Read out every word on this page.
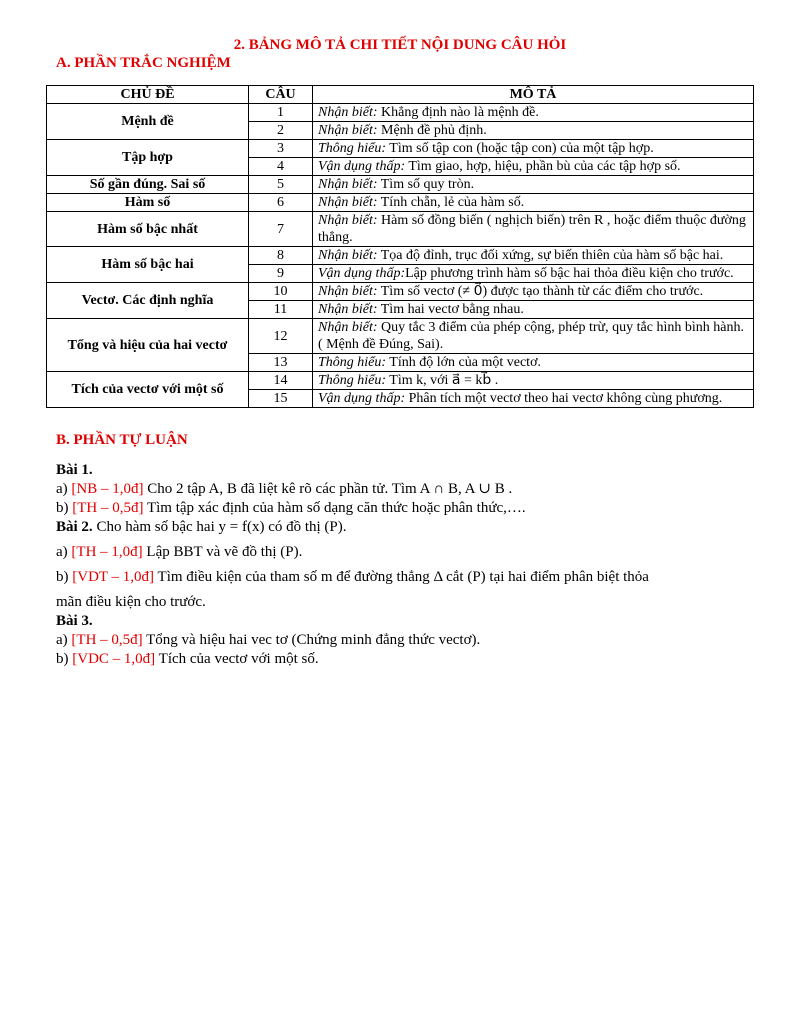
2. BẢNG MÔ TẢ CHI TIẾT NỘI DUNG CÂU HỎI
A. PHẦN TRẮC NGHIỆM
CHỦ ĐỀ	CÂU	MÔ TẢ
Mệnh đề	1	Nhận biết: Khẳng định nào là mệnh đề.
	2	Nhận biết: Mệnh đề phủ định.
Tập hợp	3	Thông hiểu: Tìm số tập con (hoặc tập con) của một tập hợp.
	4	Vận dụng thấp: Tìm giao, hợp, hiệu, phần bù của các tập hợp số.
Số gần đúng. Sai số	5	Nhận biết: Tìm số quy tròn.
Hàm số	6	Nhận biết: Tính chẵn, lẻ của hàm số.
Hàm số bậc nhất	7	Nhận biết: Hàm số đồng biến ( nghịch biến) trên R , hoặc điểm thuộc đường thẳng.
Hàm số bậc hai	8	Nhận biết: Tọa độ đỉnh, trục đối xứng, sự biến thiên của hàm số bậc hai.
	9	Vận dụng thấp:Lập phương trình hàm số bậc hai thỏa điều kiện cho trước.
Vectơ. Các định nghĩa	10	Nhận biết: Tìm số vectơ (≠ 0⃗) được tạo thành từ các điểm cho trước.
	11	Nhận biết: Tìm hai vectơ bằng nhau.
Tổng và hiệu của hai vectơ	12	Nhận biết: Quy tắc 3 điểm của phép cộng, phép trừ, quy tắc hình bình hành. ( Mệnh đề Đúng, Sai).
	13	Thông hiểu: Tính độ lớn của một vectơ.
Tích của vectơ với một số	14	Thông hiểu: Tìm k, với a⃗ = kb⃗ .
	15	Vận dụng thấp: Phân tích một vectơ theo hai vectơ không cùng phương.
B. PHẦN TỰ LUẬN
Bài 1.
a) [NB – 1,0đ] Cho 2 tập A, B đã liệt kê rõ các phần tử. Tìm A ∩ B, A ∪ B .
b) [TH – 0,5đ] Tìm tập xác định của hàm số dạng căn thức hoặc phân thức,….
Bài 2. Cho hàm số bậc hai y = f(x) có đồ thị (P).
a) [TH – 1,0đ] Lập BBT và vẽ đồ thị (P).
b) [VDT – 1,0đ] Tìm điều kiện của tham số m để đường thẳng Δ cắt (P) tại hai điểm phân biệt thỏa
mãn điều kiện cho trước.
Bài 3.
a) [TH – 0,5đ] Tổng và hiệu hai vec tơ (Chứng minh đẳng thức vectơ).
b) [VDC – 1,0đ] Tích của vectơ với một số.
